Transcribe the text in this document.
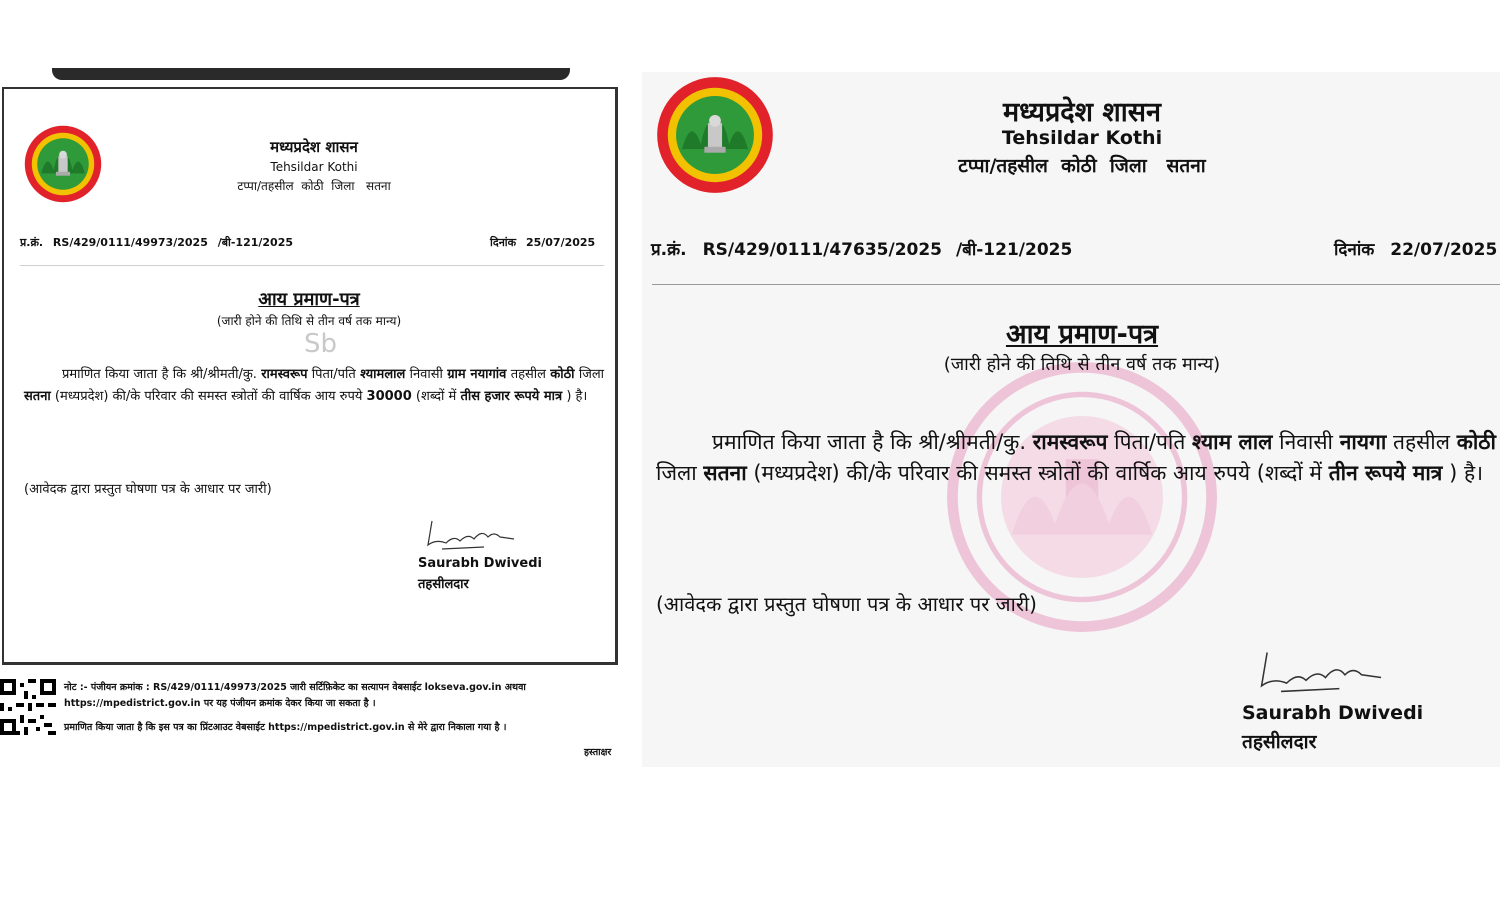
मध्यप्रदेश शासन
Tehsildar Kothi
टप्पा/तहसील  कोठी  जिला   सतना
प्र.क्रं. RS/429/0111/49973/2025 /बी-121/2025	दिनांक 25/07/2025
आय प्रमाण-पत्र
(जारी होने की तिथि से तीन वर्ष तक मान्य)
Sb
प्रमाणित किया जाता है कि श्री/श्रीमती/कु. रामस्वरूप पिता/पति श्यामलाल निवासी ग्राम नयागांव तहसील कोठी जिला सतना (मध्यप्रदेश) की/के परिवार की समस्त स्त्रोतों की वार्षिक आय रुपये 30000 (शब्दों में तीस हजार रूपये मात्र ) है।
(आवेदक द्वारा प्रस्तुत घोषणा पत्र के आधार पर जारी)
Saurabh Dwivedi
तहसीलदार
नोट :- पंजीयन क्रमांक : RS/429/0111/49973/2025 जारी सर्टिफ़िकेट का सत्यापन वेबसाईट lokseva.gov.in अथवा
https://mpedistrict.gov.in पर यह पंजीयन क्रमांक देकर किया जा सकता है ।
प्रमाणित किया जाता है कि इस पत्र का प्रिंटआउट वेबसाईट https://mpedistrict.gov.in से मेरे द्वारा निकाला गया है ।
हस्ताक्षर
मध्यप्रदेश शासन
Tehsildar Kothi
टप्पा/तहसील  कोठी  जिला   सतना
प्र.क्रं. RS/429/0111/47635/2025 /बी-121/2025	दिनांक 22/07/2025
आय प्रमाण-पत्र
(जारी होने की तिथि से तीन वर्ष तक मान्य)
प्रमाणित किया जाता है कि श्री/श्रीमती/कु. रामस्वरूप पिता/पति श्याम लाल निवासी नायगा तहसील कोठी जिला सतना (मध्यप्रदेश) की/के परिवार की समस्त स्त्रोतों की वार्षिक आय रुपये (शब्दों में तीन रूपये मात्र ) है।
(आवेदक द्वारा प्रस्तुत घोषणा पत्र के आधार पर जारी)
Saurabh Dwivedi
तहसीलदार
